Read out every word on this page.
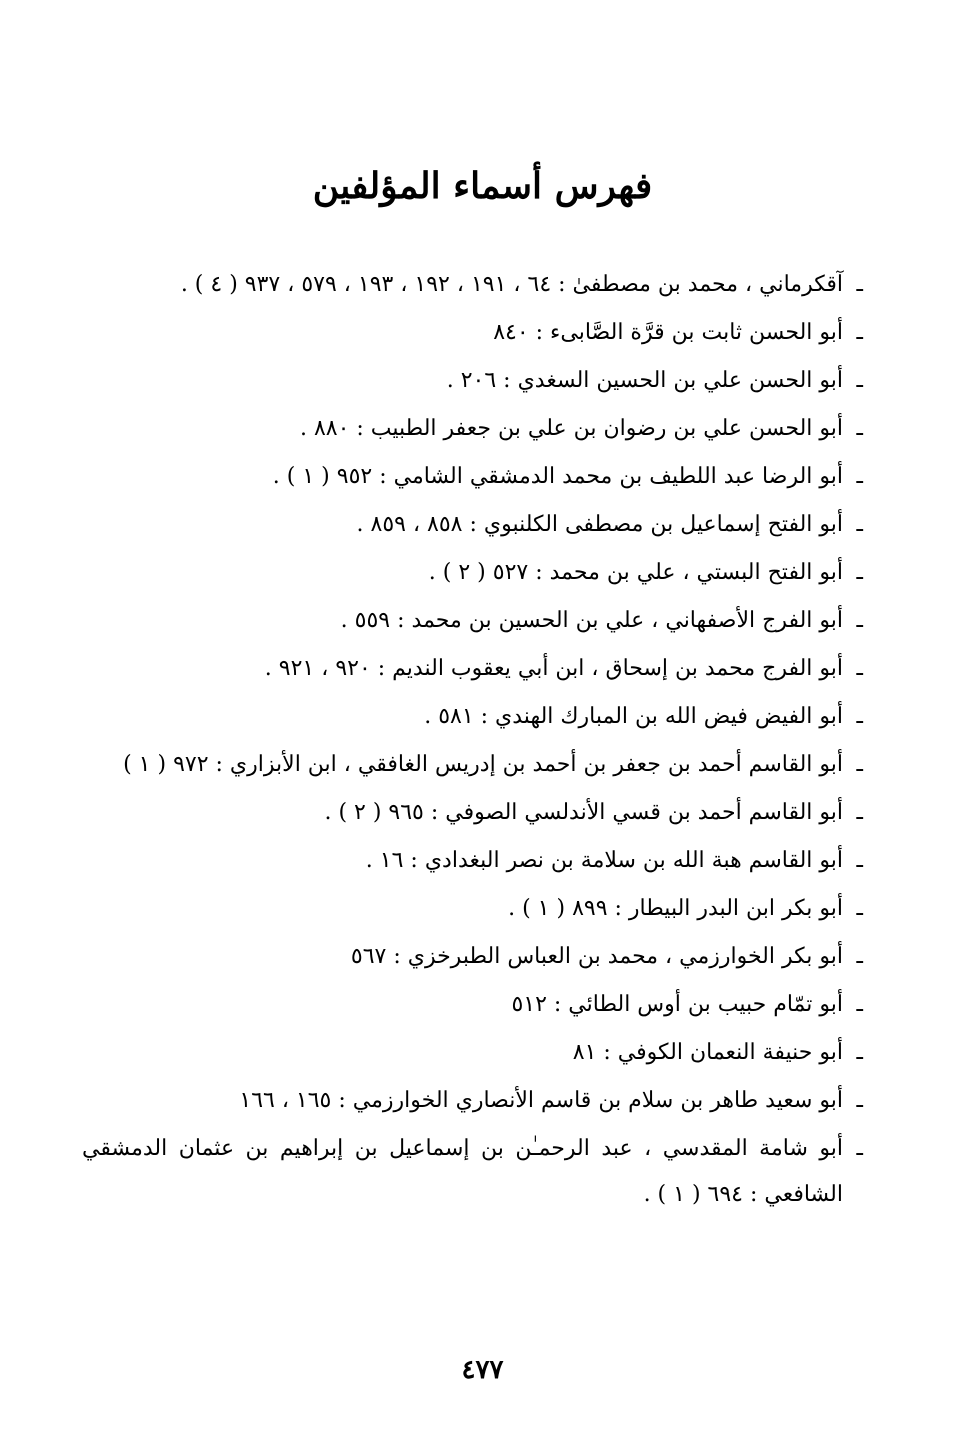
فهرس أسماء المؤلفين
ـ
آقكرماني ، محمد بن مصطفىٰ : ٦٤ ، ١٩١ ، ١٩٢ ، ١٩٣ ، ٥٧٩ ، ٩٣٧ ( ٤ ) .
ـ
أبو الحسن ثابت بن قرَّة الصَّابىء : ٨٤٠
ـ
أبو الحسن علي بن الحسين السغدي : ٢٠٦ .
ـ
أبو الحسن علي بن رضوان بن علي بن جعفر الطبيب : ٨٨٠ .
ـ
أبو الرضا عبد اللطيف بن محمد الدمشقي الشامي : ٩٥٢ ( ١ ) .
ـ
أبو الفتح إسماعيل بن مصطفى الكلنبوي : ٨٥٨ ، ٨٥٩ .
ـ
أبو الفتح البستي ، علي بن محمد : ٥٢٧ ( ٢ ) .
ـ
أبو الفرج الأصفهاني ، علي بن الحسين بن محمد : ٥٥٩ .
ـ
أبو الفرج محمد بن إسحاق ، ابن أبي يعقوب النديم : ٩٢٠ ، ٩٢١ .
ـ
أبو الفيض فيض الله بن المبارك الهندي : ٥٨١ .
ـ
أبو القاسم أحمد بن جعفر بن أحمد بن إدريس الغافقي ، ابن الأبزاري : ٩٧٢ ( ١ )
ـ
أبو القاسم أحمد بن قسي الأندلسي الصوفي : ٩٦٥ ( ٢ ) .
ـ
أبو القاسم هبة الله بن سلامة بن نصر البغدادي : ١٦ .
ـ
أبو بكر ابن البدر البيطار : ٨٩٩ ( ١ ) .
ـ
أبو بكر الخوارزمي ، محمد بن العباس الطبرخزي : ٥٦٧
ـ
أبو تمّام حبيب بن أوس الطائي : ٥١٢
ـ
أبو حنيفة النعمان الكوفي : ٨١
ـ
أبو سعيد طاهر بن سلام بن قاسم الأنصاري الخوارزمي : ١٦٥ ، ١٦٦
ـ
أبو شامة المقدسي ، عبد الرحمـٰن بن إسماعيل بن إبراهيم بن عثمان الدمشقي الشافعي : ٦٩٤ ( ١ ) .
٤٧٧
